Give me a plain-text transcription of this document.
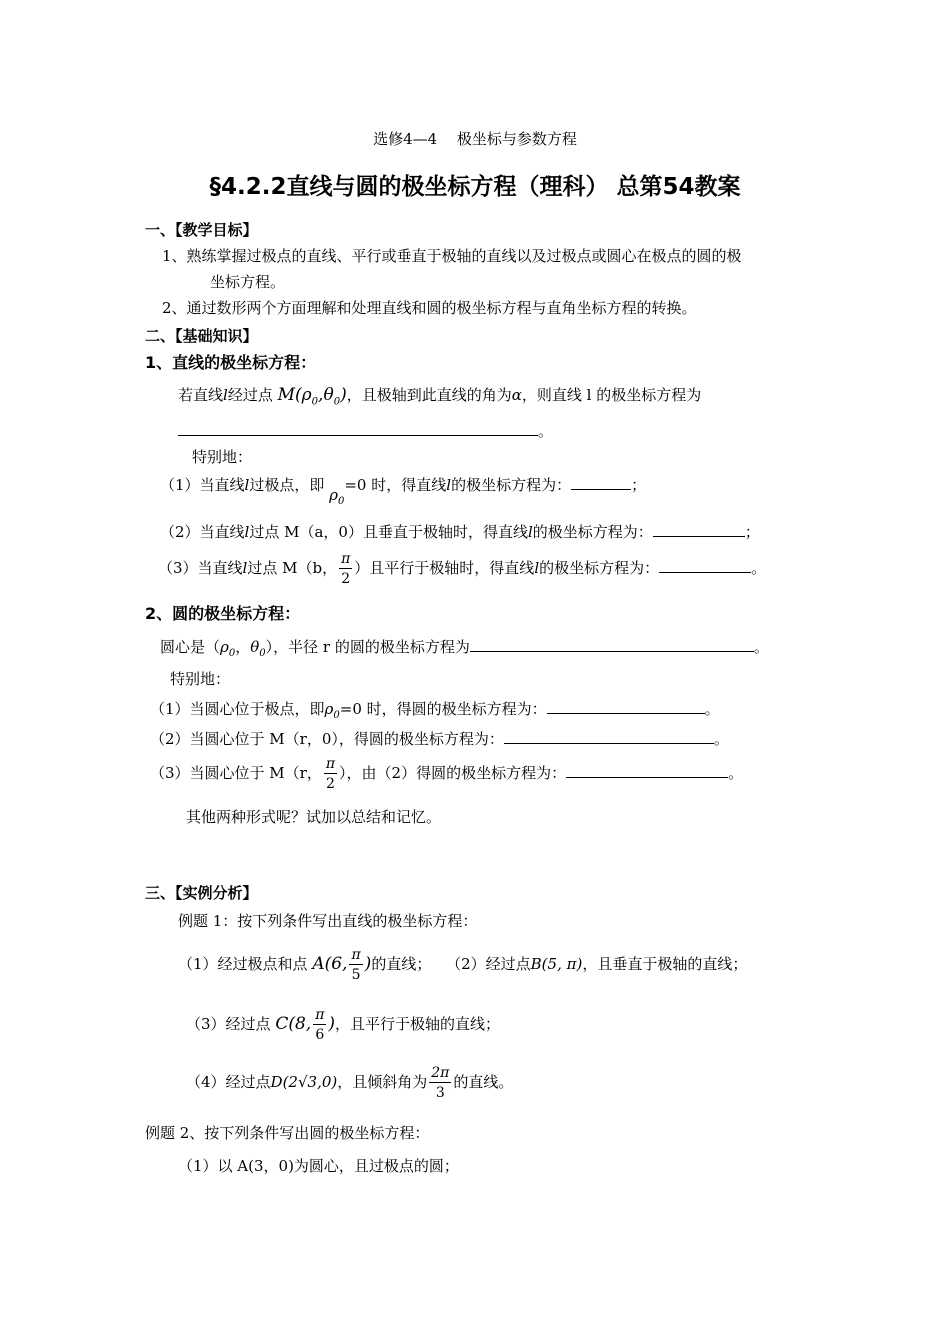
选修4—4　 极坐标与参数方程
§4.2.2直线与圆的极坐标方程（理科） 总第54教案
一、【教学目标】
1、熟练掌握过极点的直线、平行或垂直于极轴的直线以及过极点或圆心在极点的圆的极
坐标方程。
2、通过数形两个方面理解和处理直线和圆的极坐标方程与直角坐标方程的转换。
二、【基础知识】
1、直线的极坐标方程：
若直线l经过点 $M(\rho_0,\theta_0)$，且极轴到此直线的角为α，则直线 l 的极坐标方程为
。
特别地：
（1）当直线l过极点，即 $\rho_0=0$ 时，得直线l的极坐标方程为：	；
（2）当直线l过点 M（a，0）且垂直于极轴时，得直线l的极坐标方程为：	；
（3）当直线l过点 M（b， $\frac{\pi}{2}$ ）且平行于极轴时，得直线l的极坐标方程为：	。
2、圆的极坐标方程：
圆心是（$\rho_0$，$\theta_0$），半径 r 的圆的极坐标方程为	。
特别地：
（1）当圆心位于极点，即$\rho_0=0$ 时，得圆的极坐标方程为：	。
（2）当圆心位于 M（r，0），得圆的极坐标方程为：	。
（3）当圆心位于 M（r， $\frac{\pi}{2}$ ），由（2）得圆的极坐标方程为：	。
其他两种形式呢？试加以总结和记忆。
三、【实例分析】
例题 1：按下列条件写出直线的极坐标方程：
（1）经过极点和点 A(6, $\frac{\pi}{5}$ )的直线； （2）经过点B(5, π)，且垂直于极轴的直线；
（3）经过点 C(8, $\frac{\pi}{6}$ )，且平行于极轴的直线；
（4）经过点D(2√3,0)，且倾斜角为 $\frac{2\pi}{3}$ 的直线。
例题 2、按下列条件写出圆的极坐标方程：
（1）以 A(3，0)为圆心，且过极点的圆；
